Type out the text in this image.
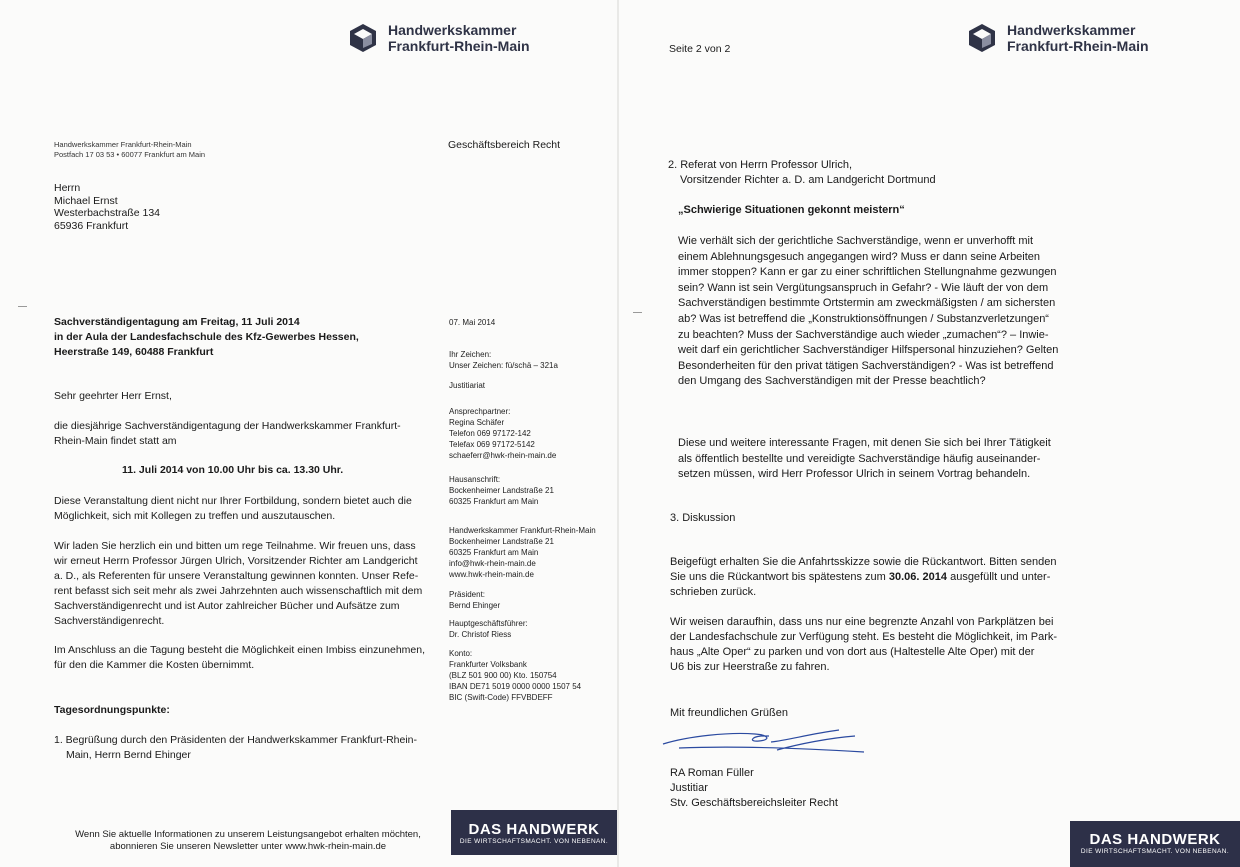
Handwerkskammer
Frankfurt-Rhein-Main
Handwerkskammer Frankfurt-Rhein-Main
Postfach 17 03 53 • 60077 Frankfurt am Main
Geschäftsbereich Recht
Herrn
Michael Ernst
Westerbachstraße 134
65936 Frankfurt
Sachverständigentagung am Freitag, 11 Juli 2014
in der Aula der Landesfachschule des Kfz-Gewerbes Hessen,
Heerstraße 149, 60488 Frankfurt
Sehr geehrter Herr Ernst,
die diesjährige Sachverständigentagung der Handwerkskammer Frankfurt-
Rhein-Main findet statt am
11. Juli 2014 von 10.00 Uhr bis ca. 13.30 Uhr.
Diese Veranstaltung dient nicht nur Ihrer Fortbildung, sondern bietet auch die
Möglichkeit, sich mit Kollegen zu treffen und auszutauschen.
Wir laden Sie herzlich ein und bitten um rege Teilnahme. Wir freuen uns, dass
wir erneut Herrn Professor Jürgen Ulrich, Vorsitzender Richter am Landgericht
a. D., als Referenten für unsere Veranstaltung gewinnen konnten. Unser Refe-
rent befasst sich seit mehr als zwei Jahrzehnten auch wissenschaftlich mit dem
Sachverständigenrecht und ist Autor zahlreicher Bücher und Aufsätze zum
Sachverständigenrecht.
Im Anschluss an die Tagung besteht die Möglichkeit einen Imbiss einzunehmen,
für den die Kammer die Kosten übernimmt.
Tagesordnungspunkte:
1. Begrüßung durch den Präsidenten der Handwerkskammer Frankfurt-Rhein-
Main, Herrn Bernd Ehinger
Wenn Sie aktuelle Informationen zu unserem Leistungsangebot erhalten möchten,
abonnieren Sie unseren Newsletter unter www.hwk-rhein-main.de
07. Mai 2014
Ihr Zeichen:
Unser Zeichen: fü/schä – 321a
Justitiariat
Ansprechpartner:
Regina Schäfer
Telefon 069 97172-142
Telefax 069 97172-5142
schaeferr@hwk-rhein-main.de
Hausanschrift:
Bockenheimer Landstraße 21
60325 Frankfurt am Main
Handwerkskammer Frankfurt-Rhein-Main
Bockenheimer Landstraße 21
60325 Frankfurt am Main
info@hwk-rhein-main.de
www.hwk-rhein-main.de
Präsident:
Bernd Ehinger
Hauptgeschäftsführer:
Dr. Christof Riess
Konto:
Frankfurter Volksbank
(BLZ 501 900 00) Kto. 150754
IBAN DE71 5019 0000 0000 1507 54
BIC (Swift-Code) FFVBDEFF
DAS HANDWERK
DIE WIRTSCHAFTSMACHT. VON NEBENAN.
Seite 2 von 2
Handwerkskammer
Frankfurt-Rhein-Main
2. Referat von Herrn Professor Ulrich,
Vorsitzender Richter a. D. am Landgericht Dortmund
„Schwierige Situationen gekonnt meistern“
Wie verhält sich der gerichtliche Sachverständige, wenn er unverhofft mit
einem Ablehnungsgesuch angegangen wird? Muss er dann seine Arbeiten
immer stoppen? Kann er gar zu einer schriftlichen Stellungnahme gezwungen
sein? Wann ist sein Vergütungsanspruch in Gefahr? - Wie läuft der von dem
Sachverständigen bestimmte Ortstermin am zweckmäßigsten / am sichersten
ab? Was ist betreffend die „Konstruktionsöffnungen / Substanzverletzungen“
zu beachten? Muss der Sachverständige auch wieder „zumachen“? – Inwie-
weit darf ein gerichtlicher Sachverständiger Hilfspersonal hinzuziehen? Gelten
Besonderheiten für den privat tätigen Sachverständigen? - Was ist betreffend
den Umgang des Sachverständigen mit der Presse beachtlich?
Diese und weitere interessante Fragen, mit denen Sie sich bei Ihrer Tätigkeit
als öffentlich bestellte und vereidigte Sachverständige häufig auseinander-
setzen müssen, wird Herr Professor Ulrich in seinem Vortrag behandeln.
3. Diskussion
Beigefügt erhalten Sie die Anfahrtsskizze sowie die Rückantwort. Bitten senden
Sie uns die Rückantwort bis spätestens zum 30.06. 2014 ausgefüllt und unter-
schrieben zurück.
Wir weisen daraufhin, dass uns nur eine begrenzte Anzahl von Parkplätzen bei
der Landesfachschule zur Verfügung steht. Es besteht die Möglichkeit, im Park-
haus „Alte Oper“ zu parken und von dort aus (Haltestelle Alte Oper) mit der
U6 bis zur Heerstraße zu fahren.
Mit freundlichen Grüßen
RA Roman Füller
Justitiar
Stv. Geschäftsbereichsleiter Recht
DAS HANDWERK
DIE WIRTSCHAFTSMACHT. VON NEBENAN.
